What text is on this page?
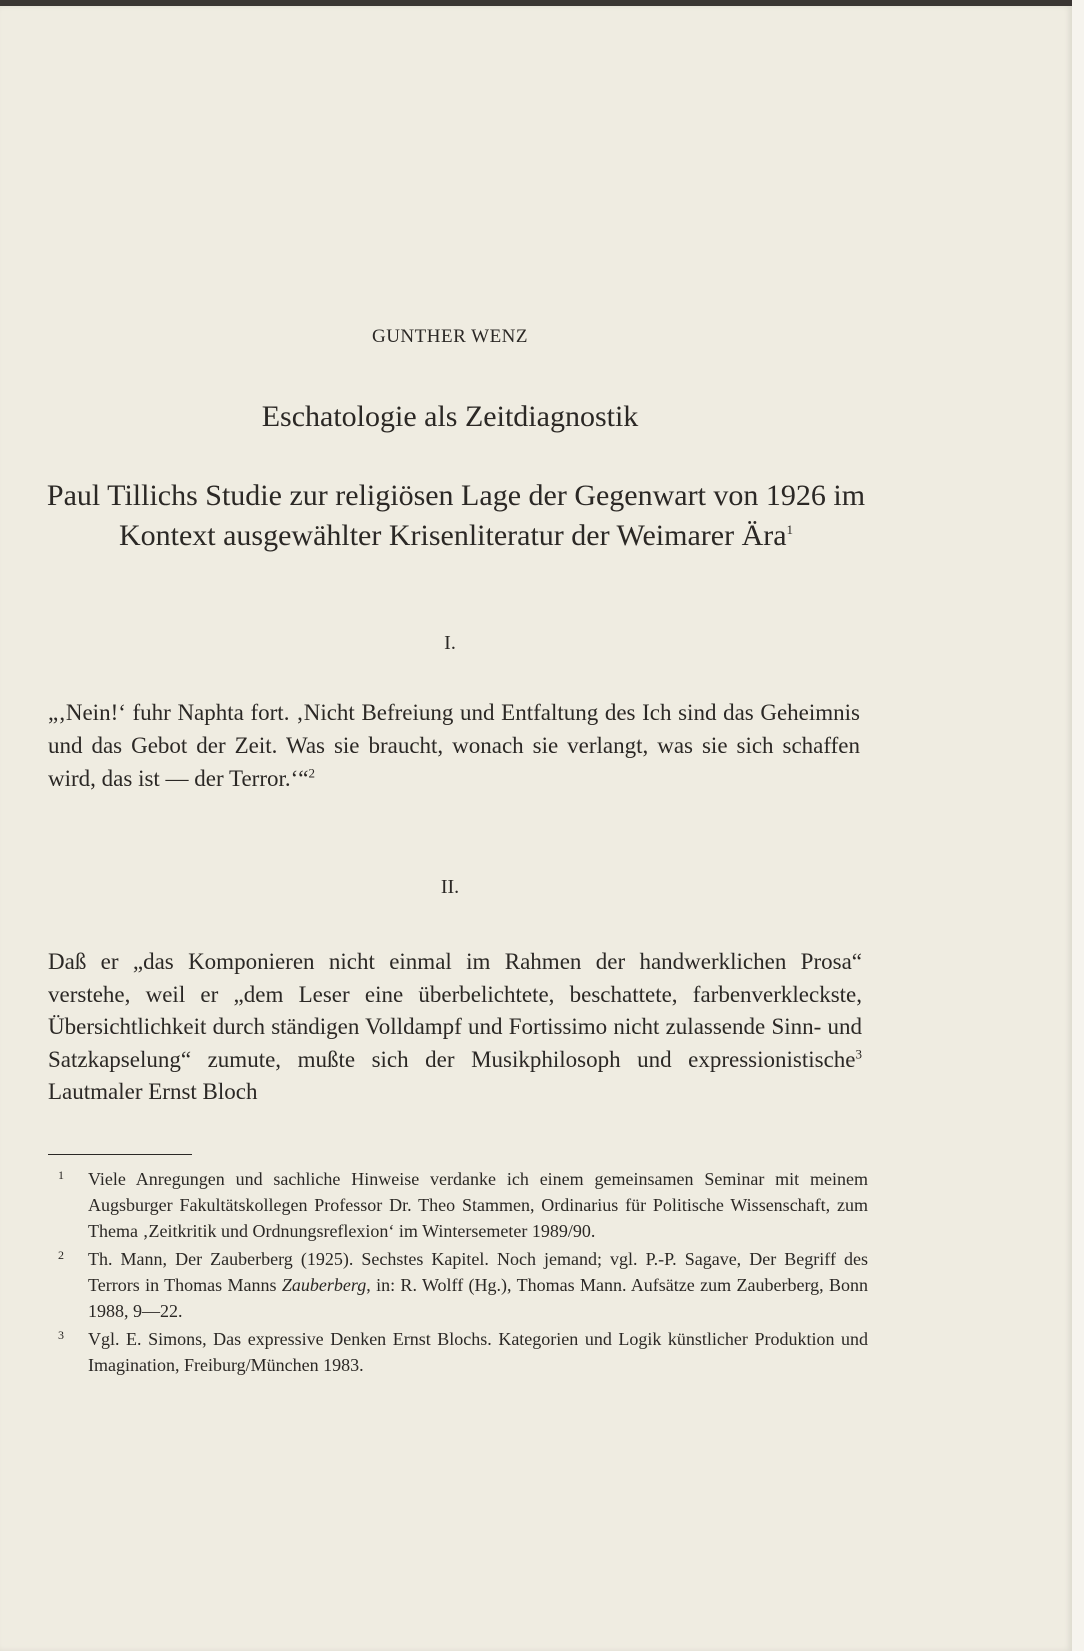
GUNTHER WENZ
Eschatologie als Zeitdiagnostik
Paul Tillichs Studie zur religiösen Lage der Gegenwart von 1926 im Kontext ausgewählter Krisenliteratur der Weimarer Ära$^1$
I.
„‚Nein!‘ fuhr Naphta fort. ‚Nicht Befreiung und Entfaltung des Ich sind das Geheimnis und das Gebot der Zeit. Was sie braucht, wonach sie verlangt, was sie sich schaffen wird, das ist — der Terror.‘“$^2$
II.
Daß er „das Komponieren nicht einmal im Rahmen der handwerklichen Prosa“ verstehe, weil er „dem Leser eine überbelichtete, beschattete, farbenverkleckste, Übersichtlichkeit durch ständigen Volldampf und Fortissimo nicht zulassende Sinn- und Satzkapselung“ zumute, mußte sich der Musikphilosoph und expressionistische$^3$ Lautmaler Ernst Bloch
1 Viele Anregungen und sachliche Hinweise verdanke ich einem gemeinsamen Seminar mit meinem Augsburger Fakultätskollegen Professor Dr. Theo Stammen, Ordinarius für Politische Wissenschaft, zum Thema ‚Zeitkritik und Ordnungsreflexion‘ im Wintersemeter 1989/90.
2 Th. Mann, Der Zauberberg (1925). Sechstes Kapitel. Noch jemand; vgl. P.-P. Sagave, Der Begriff des Terrors in Thomas Manns Zauberberg, in: R. Wolff (Hg.), Thomas Mann. Aufsätze zum Zauberberg, Bonn 1988, 9—22.
3 Vgl. E. Simons, Das expressive Denken Ernst Blochs. Kategorien und Logik künstlicher Produktion und Imagination, Freiburg/München 1983.
